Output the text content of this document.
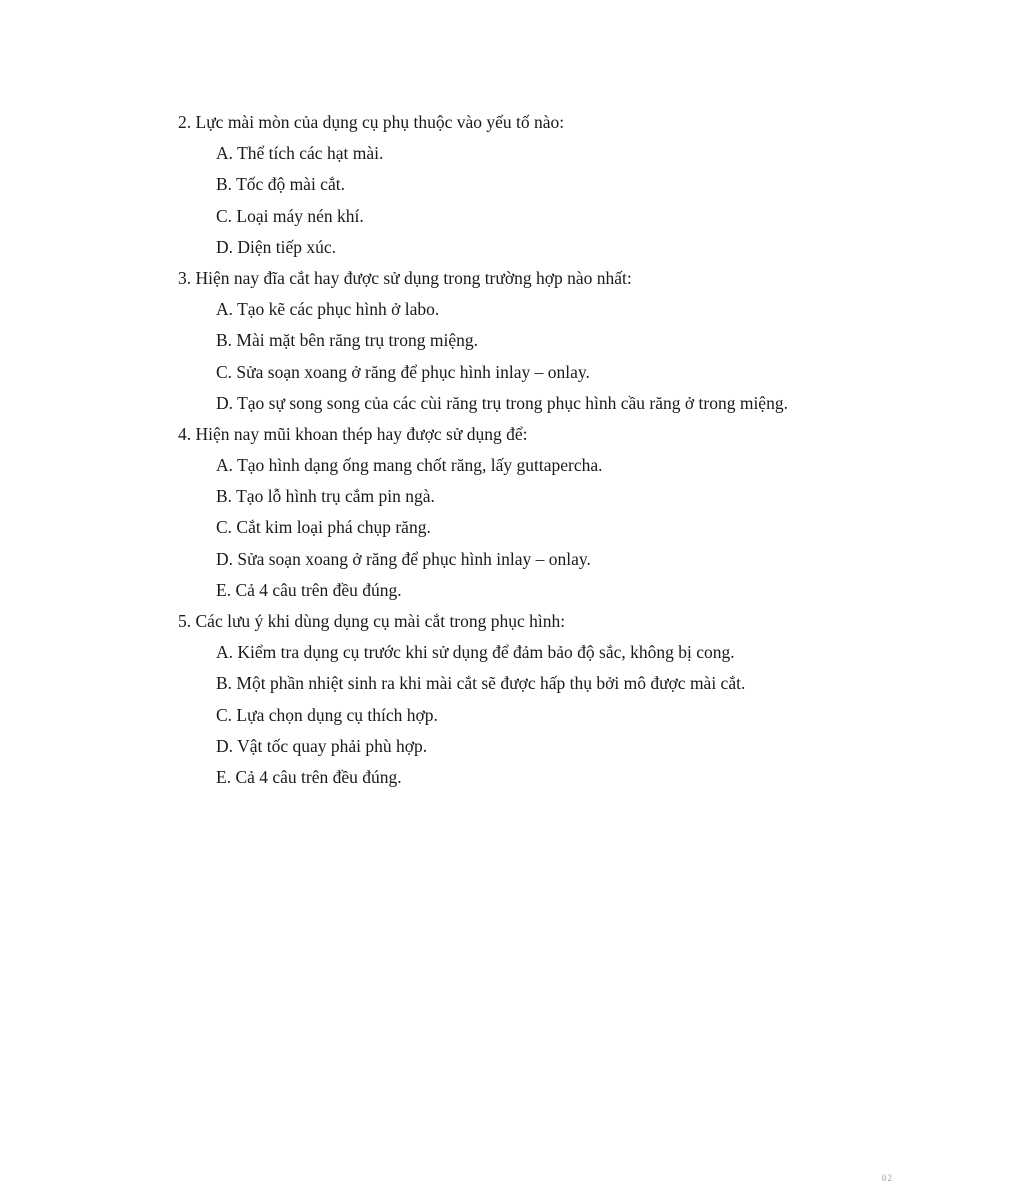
2. Lực mài mòn của dụng cụ phụ thuộc vào yếu tố nào:
A. Thể tích các hạt mài.
B. Tốc độ mài cắt.
C. Loại máy nén khí.
D. Diện tiếp xúc.
3. Hiện nay đĩa cắt hay được sử dụng trong trường hợp nào nhất:
A. Tạo kẽ các phục hình ở labo.
B. Mài mặt bên răng trụ trong miệng.
C. Sửa soạn xoang ở răng để phục hình inlay – onlay.
D. Tạo sự song song của các cùi răng trụ trong phục hình cầu răng ở trong miệng.
4. Hiện nay mũi khoan thép hay được sử dụng để:
A. Tạo hình dạng ống mang chốt răng, lấy guttapercha.
B. Tạo lỗ hình trụ cắm pin ngà.
C. Cắt kim loại phá chụp răng.
D. Sửa soạn xoang ở răng để phục hình inlay – onlay.
E. Cả 4 câu trên đều đúng.
5. Các lưu ý khi dùng dụng cụ mài cắt trong phục hình:
A. Kiểm tra dụng cụ trước khi sử dụng để đảm bảo độ sắc, không bị cong.
B. Một phần nhiệt sinh ra khi mài cắt sẽ được hấp thụ bởi mô được mài cắt.
C. Lựa chọn dụng cụ thích hợp.
D. Vật tốc quay phải phù hợp.
E. Cả 4 câu trên đều đúng.
02
